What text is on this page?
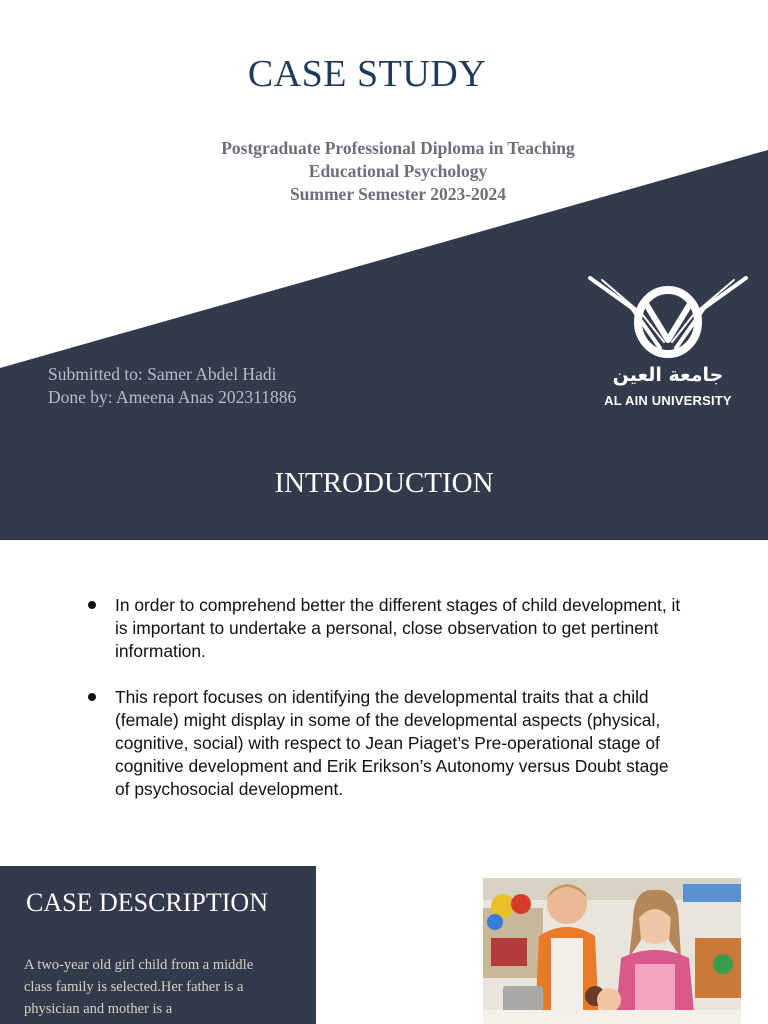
CASE STUDY
Postgraduate Professional Diploma in Teaching
Educational Psychology
Summer Semester 2023-2024
Submitted to: Samer Abdel Hadi
Done by: Ameena Anas 202311886
جامعة العين
AL AIN UNIVERSITY
INTRODUCTION
In order to comprehend better the different stages of child development, it is important to undertake a personal, close observation to get pertinent information.
This report focuses on identifying the developmental traits that a child (female) might display in some of the developmental aspects (physical, cognitive, social) with respect to Jean Piaget’s Pre-operational stage of cognitive development and Erik Erikson’s Autonomy versus Doubt stage of psychosocial development.
CASE DESCRIPTION
A two-year old girl child from a middle class family is selected.Her father is a physician and mother is a
